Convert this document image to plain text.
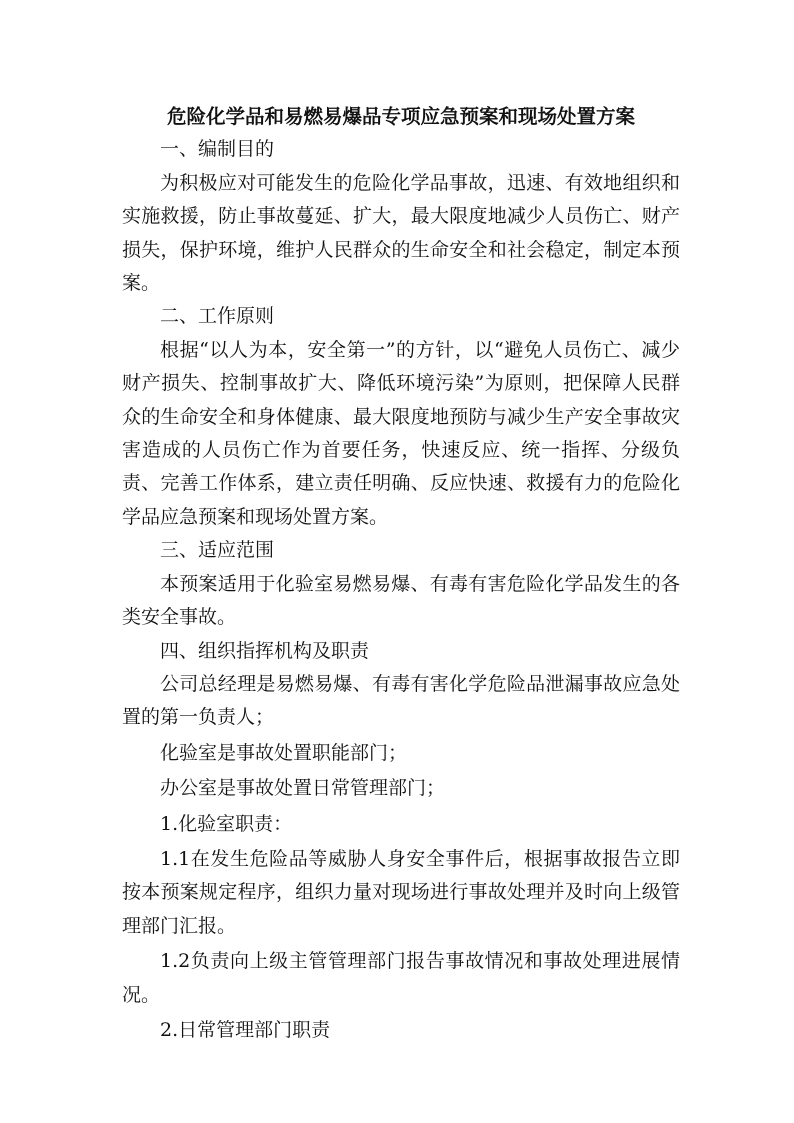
危险化学品和易燃易爆品专项应急预案和现场处置方案

一、编制目的

为积极应对可能发生的危险化学品事故，迅速、有效地组织和实施救援，防止事故蔓延、扩大，最大限度地减少人员伤亡、财产损失，保护环境，维护人民群众的生命安全和社会稳定，制定本预案。

二、工作原则

根据“以人为本，安全第一”的方针，以“避免人员伤亡、减少财产损失、控制事故扩大、降低环境污染”为原则，把保障人民群众的生命安全和身体健康、最大限度地预防与减少生产安全事故灾害造成的人员伤亡作为首要任务，快速反应、统一指挥、分级负责、完善工作体系，建立责任明确、反应快速、救援有力的危险化学品应急预案和现场处置方案。

三、适应范围

本预案适用于化验室易燃易爆、有毒有害危险化学品发生的各类安全事故。

四、组织指挥机构及职责

公司总经理是易燃易爆、有毒有害化学危险品泄漏事故应急处置的第一负责人；

化验室是事故处置职能部门；

办公室是事故处置日常管理部门；

1.化验室职责：

1.1在发生危险品等威胁人身安全事件后，根据事故报告立即按本预案规定程序，组织力量对现场进行事故处理并及时向上级管理部门汇报。

1.2负责向上级主管管理部门报告事故情况和事故处理进展情况。

2.日常管理部门职责
